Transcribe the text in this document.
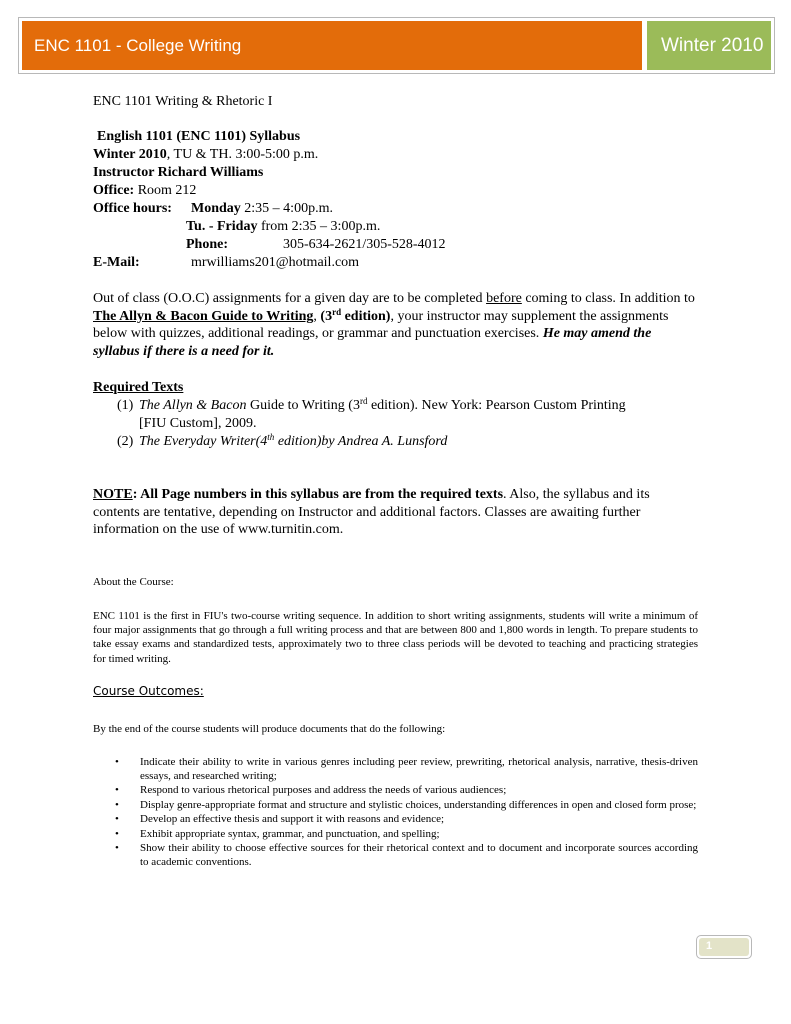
ENC 1101 - College Writing	Winter 2010
ENC 1101 Writing & Rhetoric I
English 1101 (ENC 1101) Syllabus
Winter 2010, TU & TH. 3:00-5:00 p.m.
Instructor Richard Williams
Office: Room 212
Office hours: Monday 2:35 – 4:00p.m.
Tu. - Friday from 2:35 – 3:00p.m.
Phone:	305-634-2621/305-528-4012
E-Mail:	mrwilliams201@hotmail.com
Out of class (O.O.C) assignments for a given day are to be completed before coming to class. In addition to The Allyn & Bacon Guide to Writing, (3rd edition), your instructor may supplement the assignments below with quizzes, additional readings, or grammar and punctuation exercises. He may amend the syllabus if there is a need for it.
Required Texts
(1) The Allyn & Bacon Guide to Writing (3rd edition). New York: Pearson Custom Printing
[FIU Custom], 2009.
(2) The Everyday Writer(4th edition)by Andrea A. Lunsford
NOTE: All Page numbers in this syllabus are from the required texts. Also, the syllabus and its contents are tentative, depending on Instructor and additional factors. Classes are awaiting further information on the use of www.turnitin.com.
About the Course:
ENC 1101 is the first in FIU's two-course writing sequence. In addition to short writing assignments, students will write a minimum of four major assignments that go through a full writing process and that are between 800 and 1,800 words in length. To prepare students to take essay exams and standardized tests, approximately two to three class periods will be devoted to teaching and practicing strategies for timed writing.
Course Outcomes:
By the end of the course students will produce documents that do the following:
• Indicate their ability to write in various genres including peer review, prewriting, rhetorical analysis, narrative, thesis-driven essays, and researched writing;
• Respond to various rhetorical purposes and address the needs of various audiences;
• Display genre-appropriate format and structure and stylistic choices, understanding differences in open and closed form prose;
• Develop an effective thesis and support it with reasons and evidence;
• Exhibit appropriate syntax, grammar, and punctuation, and spelling;
• Show their ability to choose effective sources for their rhetorical context and to document and incorporate sources according to academic conventions.
1
